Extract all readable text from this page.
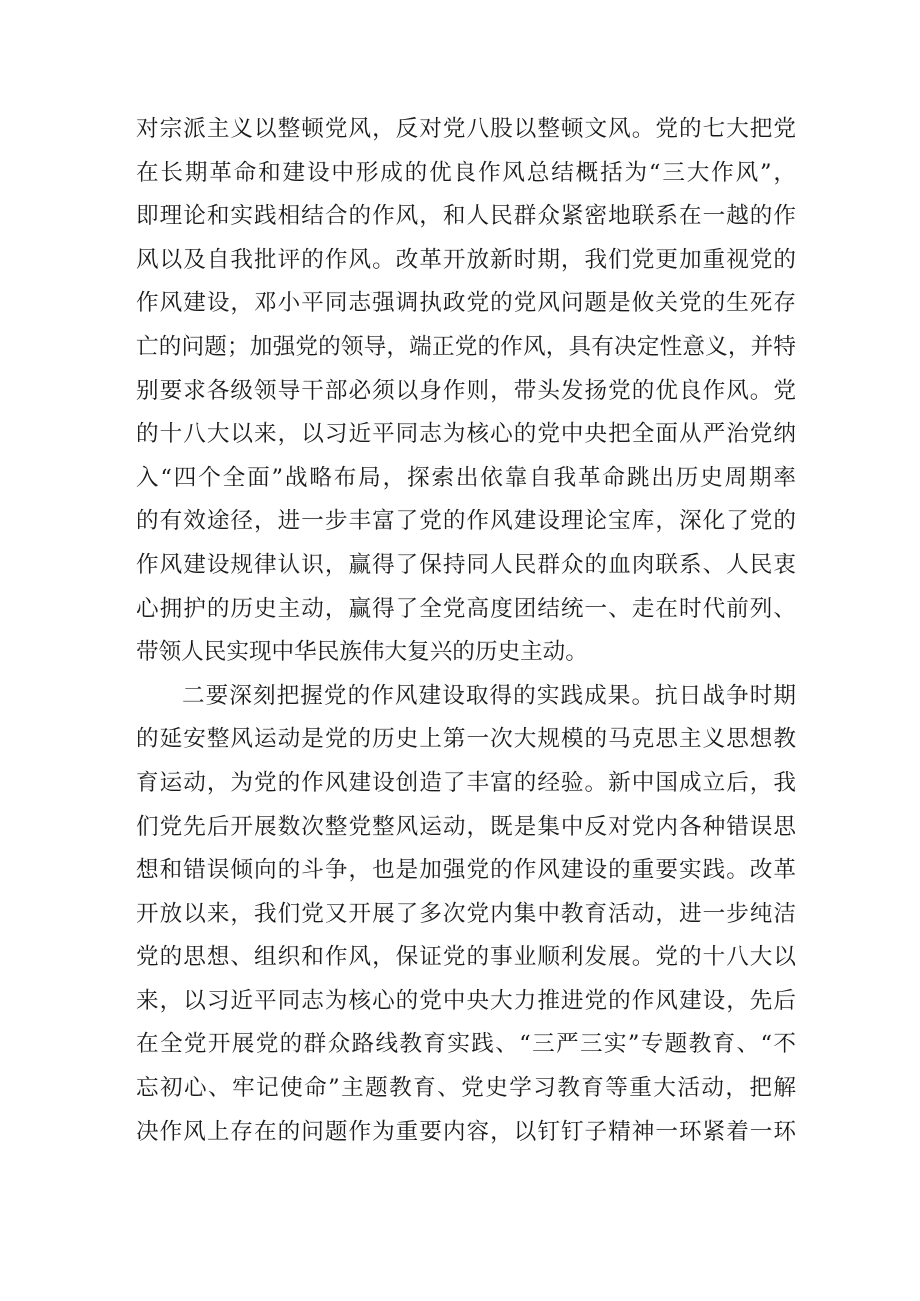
对宗派主义以整顿党风，反对党八股以整顿文风。党的七大把党
在长期革命和建设中形成的优良作风总结概括为“三大作风”，
即理论和实践相结合的作风，和人民群众紧密地联系在一越的作
风以及自我批评的作风。改革开放新时期，我们党更加重视党的
作风建设，邓小平同志强调执政党的党风问题是攸关党的生死存
亡的问题；加强党的领导，端正党的作风，具有决定性意义，并特
别要求各级领导干部必须以身作则，带头发扬党的优良作风。党
的十八大以来，以习近平同志为核心的党中央把全面从严治党纳
入“四个全面”战略布局，探索出依靠自我革命跳出历史周期率
的有效途径，进一步丰富了党的作风建设理论宝库，深化了党的
作风建设规律认识，赢得了保持同人民群众的血肉联系、人民衷
心拥护的历史主动，赢得了全党高度团结统一、走在时代前列、
带领人民实现中华民族伟大复兴的历史主动。
二要深刻把握党的作风建设取得的实践成果。抗日战争时期
的延安整风运动是党的历史上第一次大规模的马克思主义思想教
育运动，为党的作风建设创造了丰富的经验。新中国成立后，我
们党先后开展数次整党整风运动，既是集中反对党内各种错误思
想和错误倾向的斗争，也是加强党的作风建设的重要实践。改革
开放以来，我们党又开展了多次党内集中教育活动，进一步纯洁
党的思想、组织和作风，保证党的事业顺利发展。党的十八大以
来，以习近平同志为核心的党中央大力推进党的作风建设，先后
在全党开展党的群众路线教育实践、“三严三实”专题教育、“不
忘初心、牢记使命”主题教育、党史学习教育等重大活动，把解
决作风上存在的问题作为重要内容，以钉钉子精神一环紧着一环
